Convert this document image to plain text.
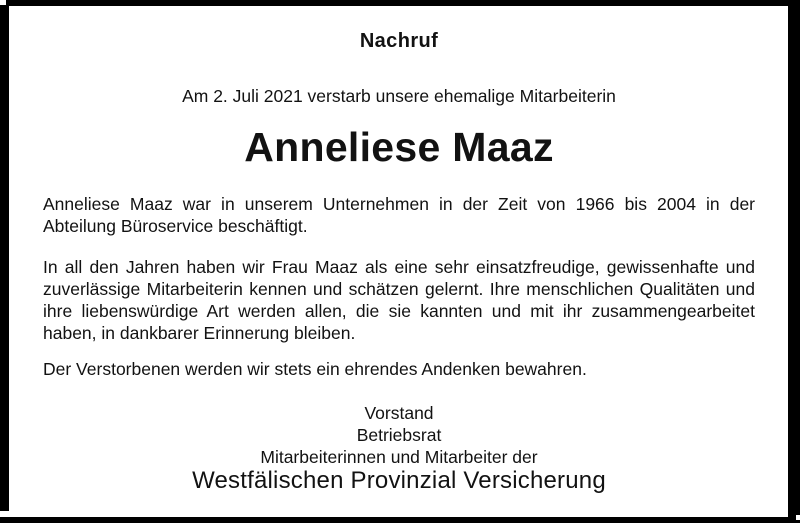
Nachruf
Am 2. Juli 2021 verstarb unsere ehemalige Mitarbeiterin
Anneliese Maaz

Anneliese Maaz war in unserem Unternehmen in der Zeit von 1966 bis 2004 in der Abteilung Büroservice beschäftigt.

In all den Jahren haben wir Frau Maaz als eine sehr einsatzfreudige, gewissenhafte und zuverlässige Mitarbeiterin kennen und schätzen gelernt. Ihre menschlichen Qualitäten und ihre liebenswürdige Art werden allen, die sie kannten und mit ihr zusammengearbeitet haben, in dankbarer Erinnerung bleiben.

Der Verstorbenen werden wir stets ein ehrendes Andenken bewahren.

Vorstand
Betriebsrat
Mitarbeiterinnen und Mitarbeiter der
Westfälischen Provinzial Versicherung
